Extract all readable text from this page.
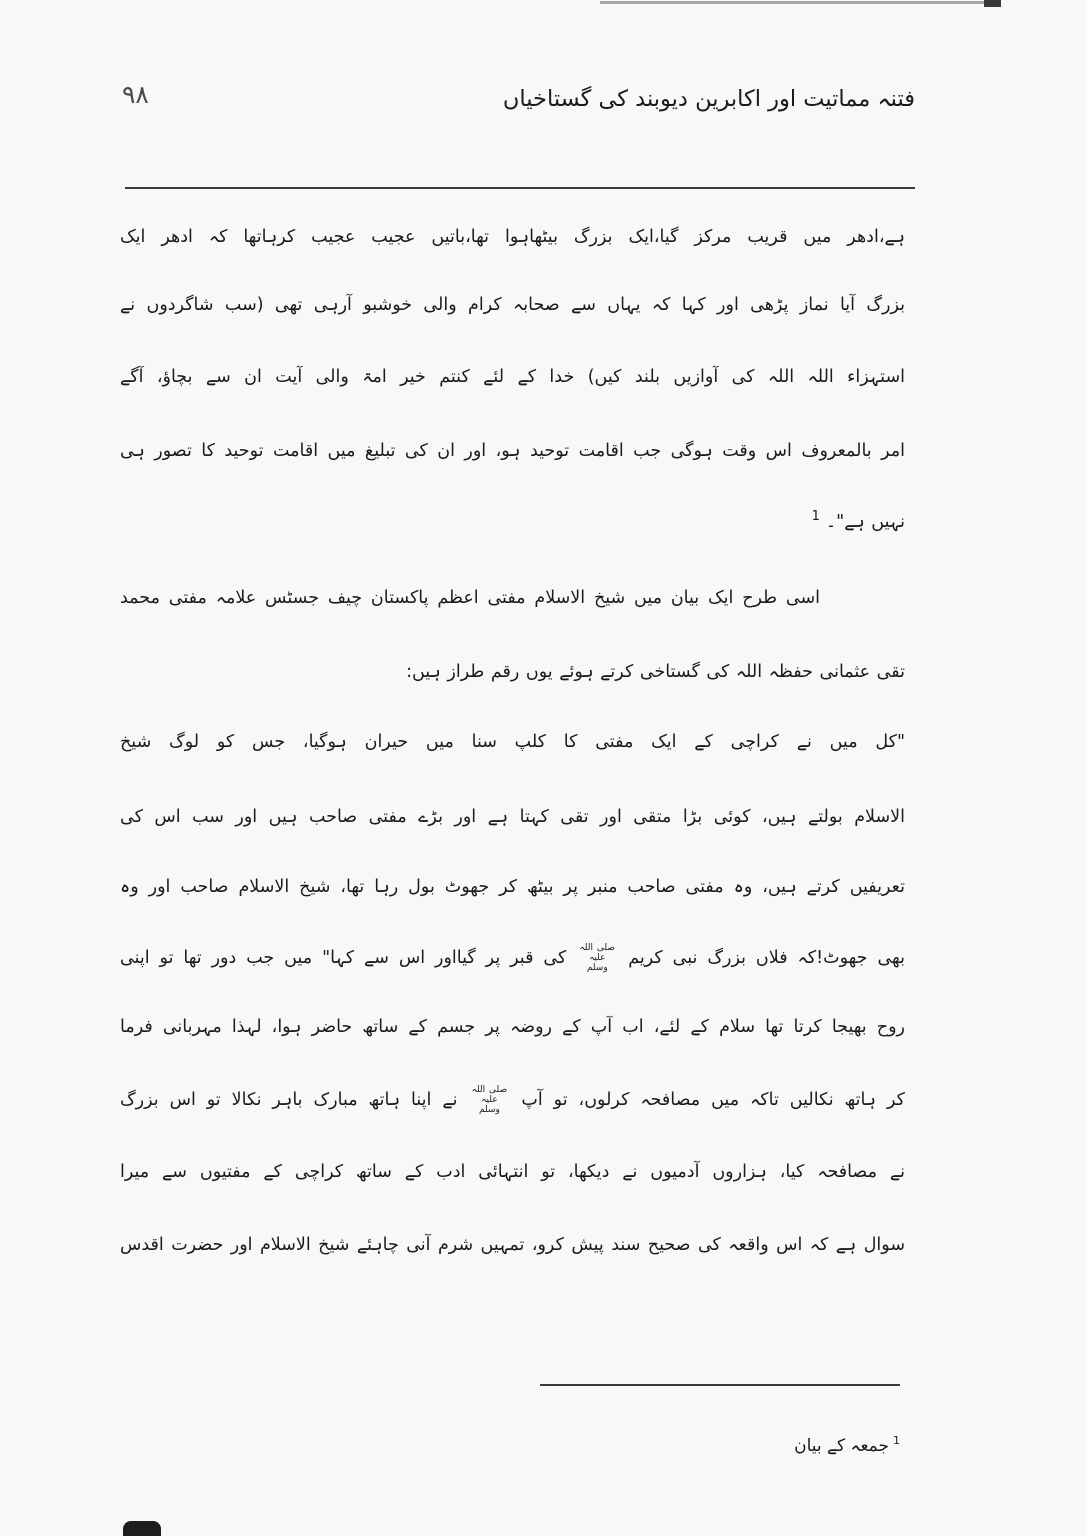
فتنہ مماتیت اور اکابرین دیوبند کی گستاخیاں
۹۸
ہے،ادھر میں قریب مرکز گیا،ایک بزرگ بیٹھاہوا تھا،باتیں عجیب عجیب کرہاتھا کہ ادھر ایک
بزرگ آیا نماز پڑھی اور کہا کہ یہاں سے صحابہ کرام والی خوشبو آرہی تھی (سب شاگردوں نے
استہزاء اللہ اللہ کی آوازیں بلند کیں) خدا کے لئے کنتم خیر امۃ والی آیت ان سے بچاؤ، آگے
امر بالمعروف اس وقت ہوگی جب اقامت توحید ہو، اور ان کی تبلیغ میں اقامت توحید کا تصور ہی
نہیں ہے"۔$^1$
اسی طرح ایک بیان میں شیخ الاسلام مفتی اعظم پاکستان چیف جسٹس علامہ مفتی محمد
تقی عثمانی حفظہ اللہ کی گستاخی کرتے ہوئے یوں رقم طراز ہیں:
"کل میں نے کراچی کے ایک مفتی کا کلپ سنا میں حیران ہوگیا، جس کو لوگ شیخ
الاسلام بولتے ہیں، کوئی بڑا متقی اور تقی کہتا ہے اور بڑے مفتی صاحب ہیں اور سب اس کی
تعریفیں کرتے ہیں، وہ مفتی صاحب منبر پر بیٹھ کر جھوٹ بول رہا تھا، شیخ الاسلام صاحب اور وہ
بھی جھوٹ!کہ فلاں بزرگ نبی کریم صلی اللہ علیہ وسلم کی قبر پر گیااور اس سے کہا" میں جب دور تھا تو اپنی
روح بھیجا کرتا تھا سلام کے لئے، اب آپ کے روضہ پر جسم کے ساتھ حاضر ہوا، لہذا مہربانی فرما
کر ہاتھ نکالیں تاکہ میں مصافحہ کرلوں، تو آپ صلی اللہ علیہ وسلم نے اپنا ہاتھ مبارک باہر نکالا تو اس بزرگ
نے مصافحہ کیا، ہزاروں آدمیوں نے دیکھا، تو انتہائی ادب کے ساتھ کراچی کے مفتیوں سے میرا
سوال ہے کہ اس واقعہ کی صحیح سند پیش کرو، تمہیں شرم آنی چاہئے شیخ الاسلام اور حضرت اقدس
$^1$جمعہ کے بیان
